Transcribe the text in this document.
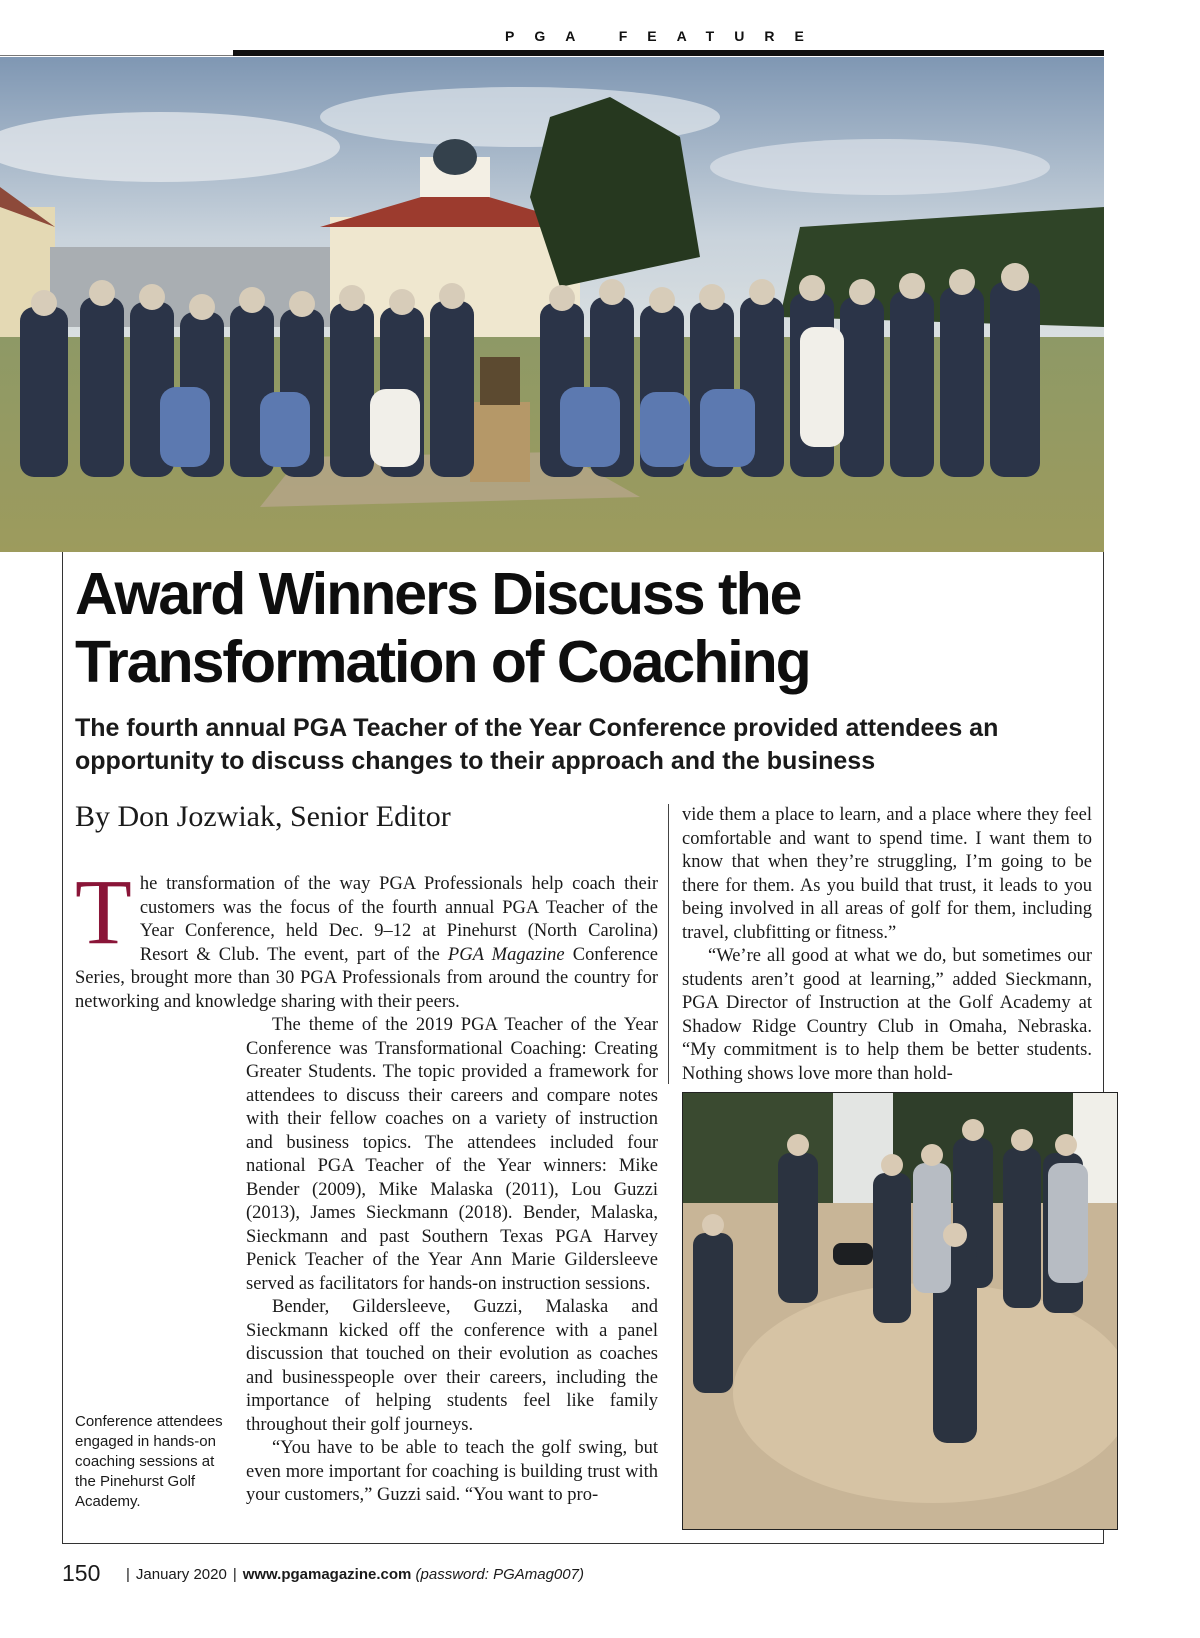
PGA FEATURE
Award Winners Discuss the Transformation of Coaching
The fourth annual PGA Teacher of the Year Conference provided attendees an opportunity to discuss changes to their approach and the business
By Don Jozwiak, Senior Editor

The transformation of the way PGA Professionals help coach their customers was the focus of the fourth annual PGA Teacher of the Year Conference, held Dec. 9–12 at Pinehurst (North Carolina) Resort & Club. The event, part of the PGA Magazine Conference Series, brought more than 30 PGA Professionals from around the country for networking and knowledge sharing with their peers.

The theme of the 2019 PGA Teacher of the Year Conference was Transformational Coaching: Creating Greater Students. The topic provided a framework for attendees to discuss their careers and compare notes with their fellow coaches on a variety of instruction and business topics. The attendees included four national PGA Teacher of the Year winners: Mike Bender (2009), Mike Malaska (2011), Lou Guzzi (2013), James Sieckmann (2018). Bender, Malaska, Sieckmann and past Southern Texas PGA Harvey Penick Teacher of the Year Ann Marie Gildersleeve served as facilitators for hands-on instruction sessions.

Bender, Gildersleeve, Guzzi, Malaska and Sieckmann kicked off the conference with a panel discussion that touched on their evolution as coaches and businesspeople over their careers, including the importance of helping students feel like family throughout their golf journeys.

“You have to be able to teach the golf swing, but even more important for coaching is building trust with your customers,” Guzzi said. “You want to pro-

vide them a place to learn, and a place where they feel comfortable and want to spend time. I want them to know that when they’re struggling, I’m going to be there for them. As you build that trust, it leads to you being involved in all areas of golf for them, including travel, clubfitting or fitness.”

“We’re all good at what we do, but sometimes our students aren’t good at learning,” added Sieckmann, PGA Director of Instruction at the Golf Academy at Shadow Ridge Country Club in Omaha, Nebraska. “My commitment is to help them be better students. Nothing shows love more than hold-

Conference attendees engaged in hands-on coaching sessions at the Pinehurst Golf Academy.

150	| January 2020 | www.pgamagazine.com (password: PGAmag007)
